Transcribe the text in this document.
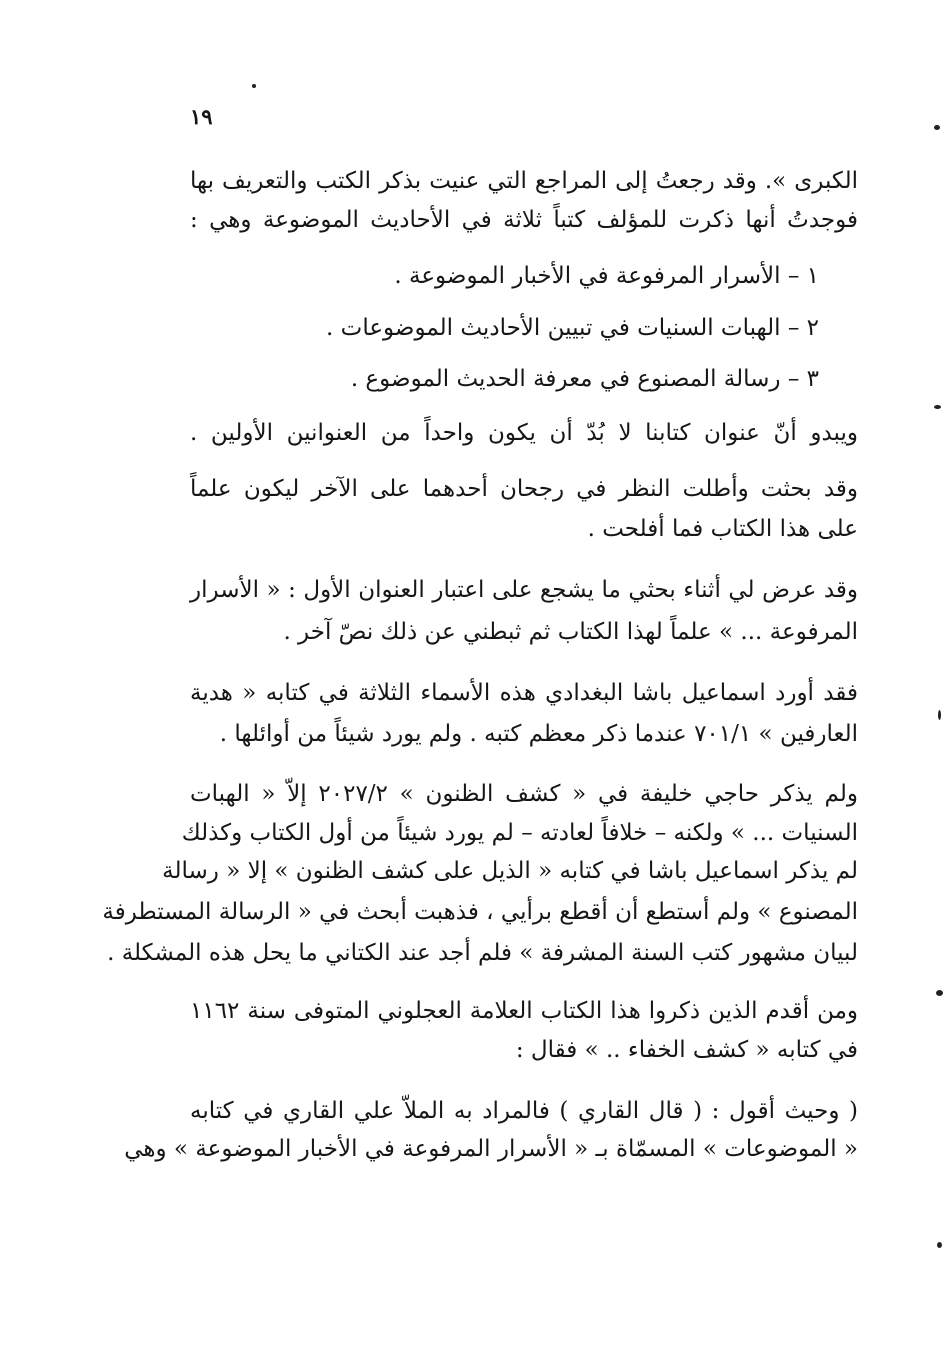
١٩
الكبرى ». وقد رجعتُ إلى المراجع التي عنيت بذكر الكتب والتعريف بها
فوجدتُ أنها ذكرت للمؤلف كتباً ثلاثة في الأحاديث الموضوعة وهي :
١ – الأسرار المرفوعة في الأخبار الموضوعة .
٢ – الهبات السنيات في تبيين الأحاديث الموضوعات .
٣ – رسالة المصنوع في معرفة الحديث الموضوع .
ويبدو أنّ عنوان كتابنا لا بُدّ أن يكون واحداً من العنوانين الأولين .
وقد بحثت وأطلت النظر في رجحان أحدهما على الآخر ليكون علماً
على هذا الكتاب فما أفلحت .
وقد عرض لي أثناء بحثي ما يشجع على اعتبار العنوان الأول : « الأسرار
المرفوعة ... » علماً لهذا الكتاب ثم ثبطني عن ذلك نصّ آخر .
فقد أورد اسماعيل باشا البغدادي هذه الأسماء الثلاثة في كتابه « هدية
العارفين » ٧٠١/١ عندما ذكر معظم كتبه . ولم يورد شيئاً من أوائلها .
ولم يذكر حاجي خليفة في « كشف الظنون » ٢٠٢٧/٢ إلاّ « الهبات
السنيات ... » ولكنه – خلافاً لعادته – لم يورد شيئاً من أول الكتاب وكذلك
لم يذكر اسماعيل باشا في كتابه « الذيل على كشف الظنون » إلا « رسالة
المصنوع » ولم أستطع أن أقطع برأيي ، فذهبت أبحث في « الرسالة المستطرفة
لبيان مشهور كتب السنة المشرفة » فلم أجد عند الكتاني ما يحل هذه المشكلة .
ومن أقدم الذين ذكروا هذا الكتاب العلامة العجلوني المتوفى سنة ١١٦٢
في كتابه « كشف الخفاء .. » فقال :
( وحيث أقول : ( قال القاري ) فالمراد به الملاّ علي القاري في كتابه
« الموضوعات » المسمّاة بـ « الأسرار المرفوعة في الأخبار الموضوعة » وهي
